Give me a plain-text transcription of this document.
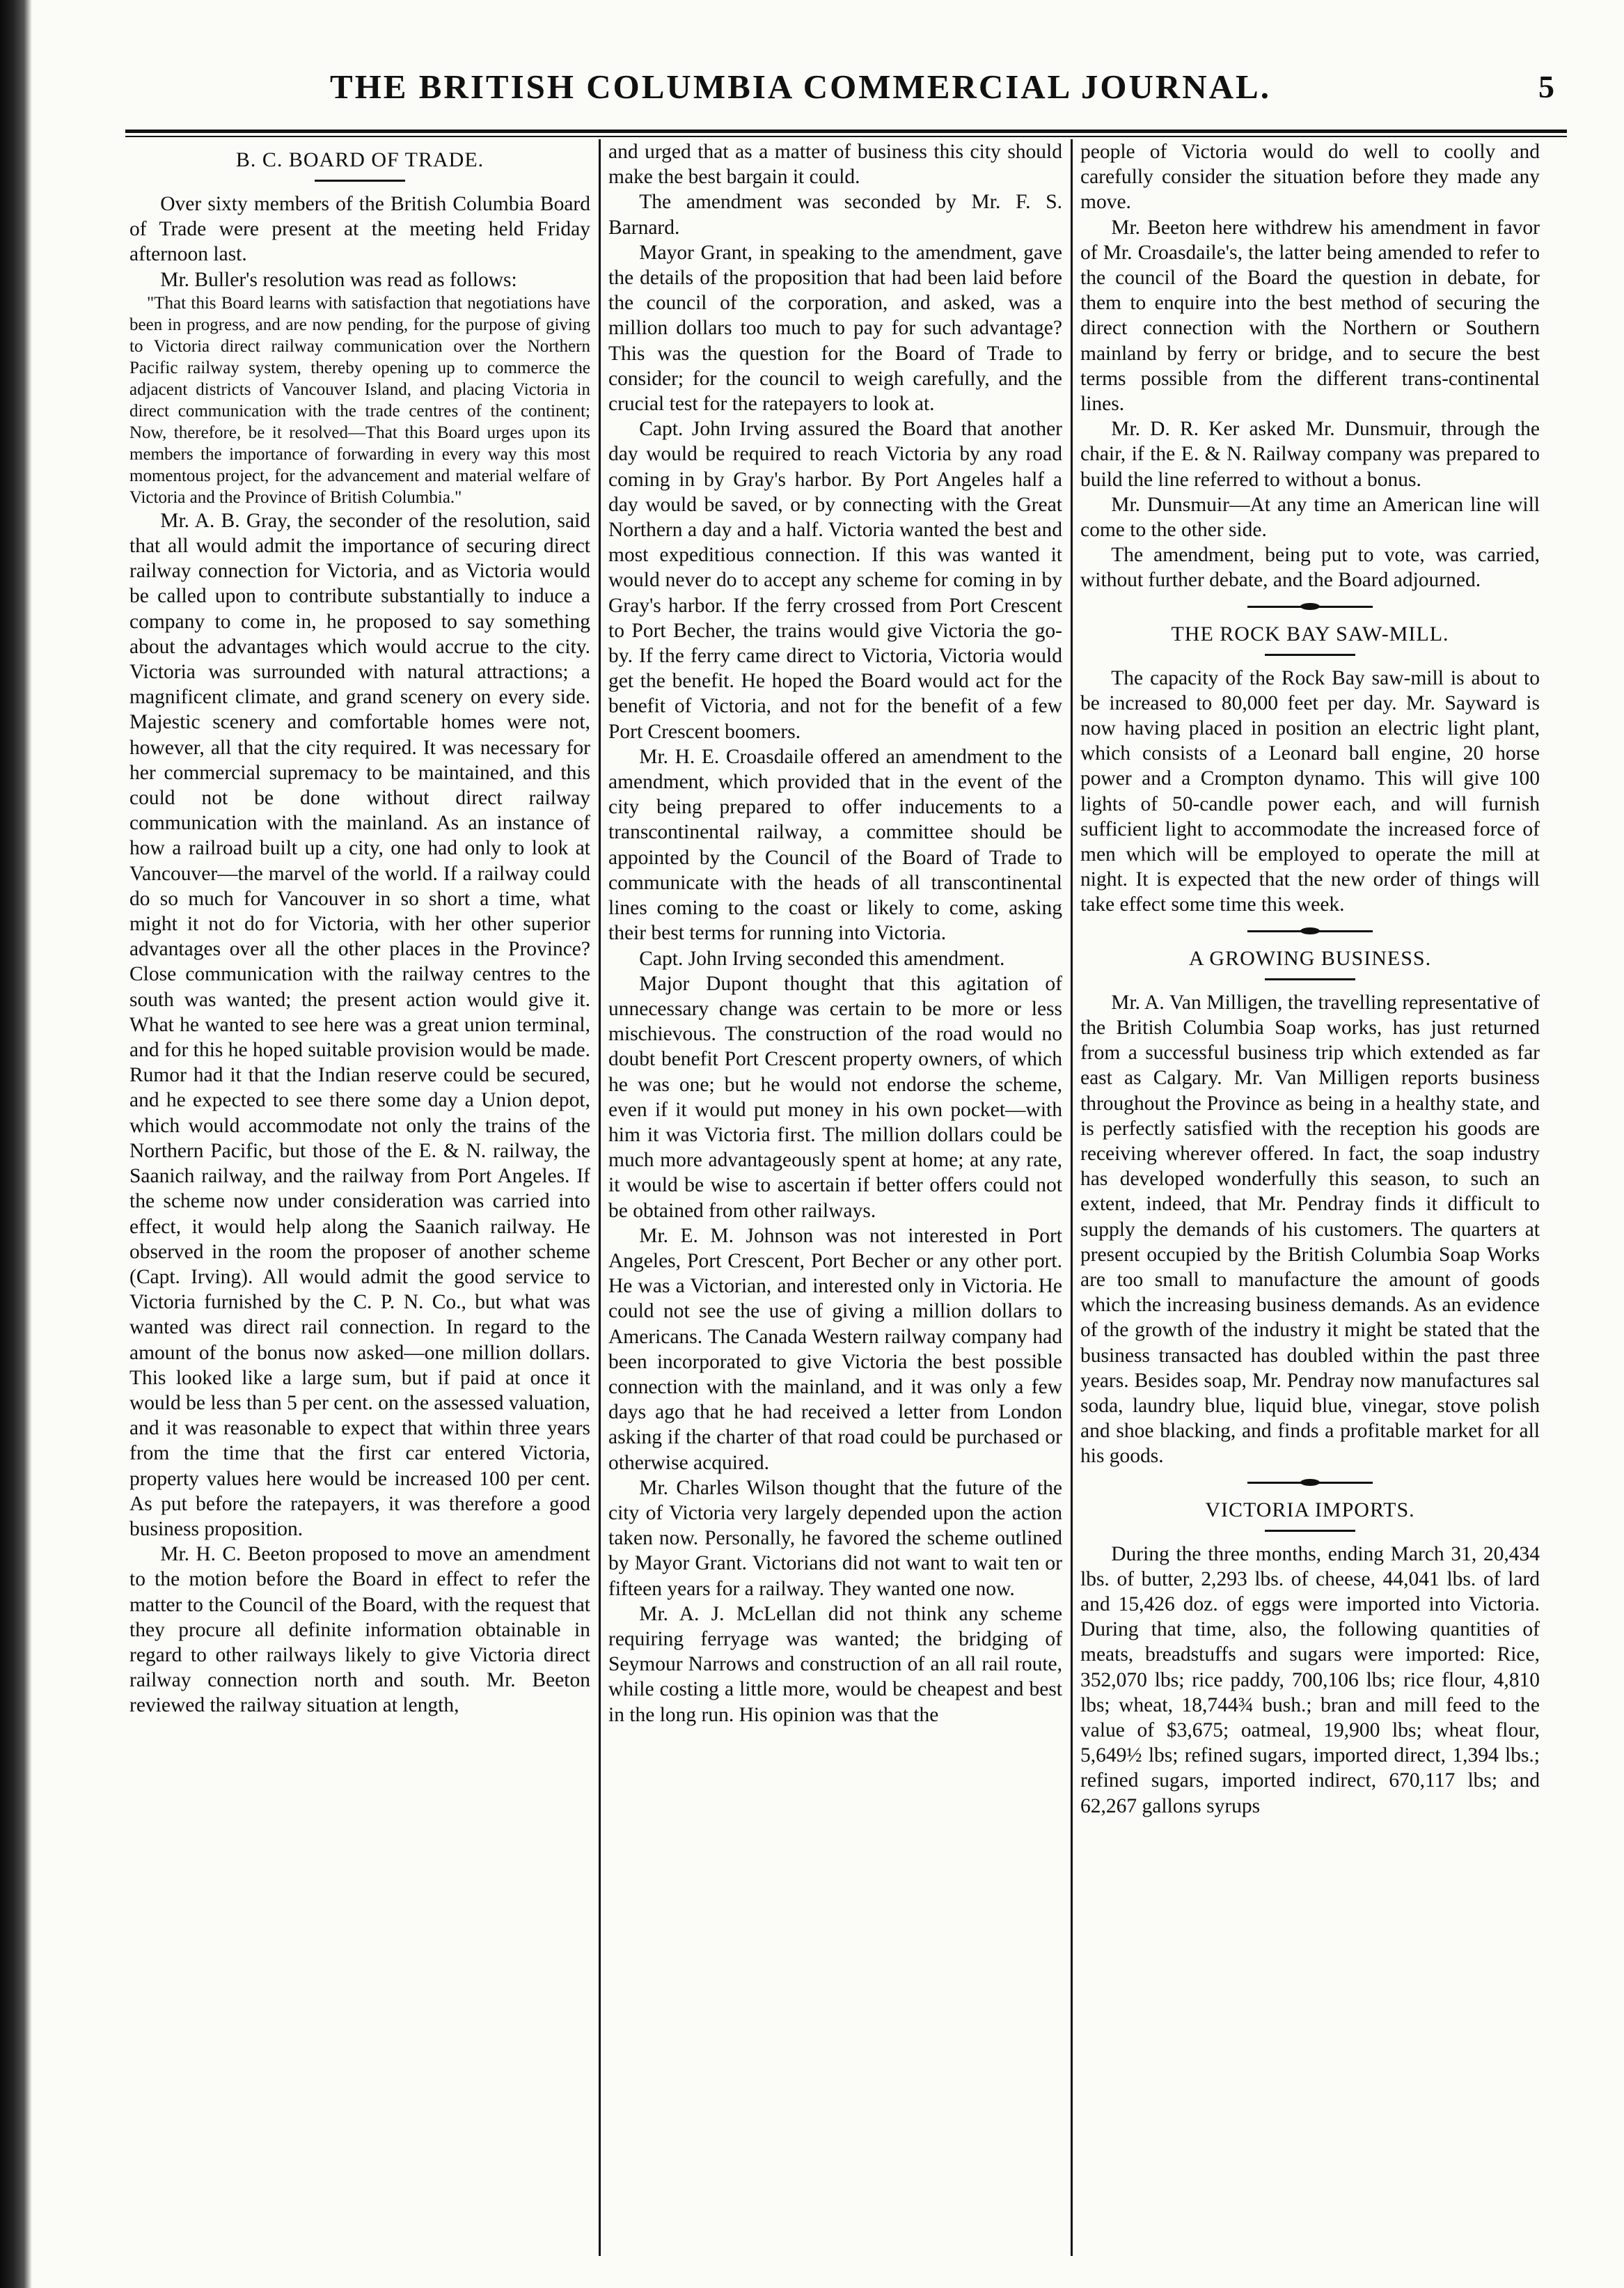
THE BRITISH COLUMBIA COMMERCIAL JOURNAL.	5
B. C. BOARD OF TRADE.

Over sixty members of the British Columbia Board of Trade were present at the meeting held Friday afternoon last.

Mr. Buller's resolution was read as follows:

"That this Board learns with satisfaction that negotiations have been in progress, and are now pending, for the purpose of giving to Victoria direct railway communication over the Northern Pacific railway system, thereby opening up to commerce the adjacent districts of Vancouver Island, and placing Victoria in direct communication with the trade centres of the continent; Now, therefore, be it resolved—That this Board urges upon its members the importance of forwarding in every way this most momentous project, for the advancement and material welfare of Victoria and the Province of British Columbia."

Mr. A. B. Gray, the seconder of the resolution, said that all would admit the importance of securing direct railway connection for Victoria, and as Victoria would be called upon to contribute substantially to induce a company to come in, he proposed to say something about the advantages which would accrue to the city. Victoria was surrounded with natural attractions; a magnificent climate, and grand scenery on every side. Majestic scenery and comfortable homes were not, however, all that the city required. It was necessary for her commercial supremacy to be maintained, and this could not be done without direct railway communication with the mainland. As an instance of how a railroad built up a city, one had only to look at Vancouver—the marvel of the world. If a railway could do so much for Vancouver in so short a time, what might it not do for Victoria, with her other superior advantages over all the other places in the Province? Close communication with the railway centres to the south was wanted; the present action would give it. What he wanted to see here was a great union terminal, and for this he hoped suitable provision would be made. Rumor had it that the Indian reserve could be secured, and he expected to see there some day a Union depot, which would accommodate not only the trains of the Northern Pacific, but those of the E. & N. railway, the Saanich railway, and the railway from Port Angeles. If the scheme now under consideration was carried into effect, it would help along the Saanich railway. He observed in the room the proposer of another scheme (Capt. Irving). All would admit the good service to Victoria furnished by the C. P. N. Co., but what was wanted was direct rail connection. In regard to the amount of the bonus now asked—one million dollars. This looked like a large sum, but if paid at once it would be less than 5 per cent. on the assessed valuation, and it was reasonable to expect that within three years from the time that the first car entered Victoria, property values here would be increased 100 per cent. As put before the ratepayers, it was therefore a good business proposition.

Mr. H. C. Beeton proposed to move an amendment to the motion before the Board in effect to refer the matter to the Council of the Board, with the request that they procure all definite information obtainable in regard to other railways likely to give Victoria direct railway connection north and south. Mr. Beeton reviewed the railway situation at length,

and urged that as a matter of business this city should make the best bargain it could.

The amendment was seconded by Mr. F. S. Barnard.

Mayor Grant, in speaking to the amendment, gave the details of the proposition that had been laid before the council of the corporation, and asked, was a million dollars too much to pay for such advantage? This was the question for the Board of Trade to consider; for the council to weigh carefully, and the crucial test for the ratepayers to look at.

Capt. John Irving assured the Board that another day would be required to reach Victoria by any road coming in by Gray's harbor. By Port Angeles half a day would be saved, or by connecting with the Great Northern a day and a half. Victoria wanted the best and most expeditious connection. If this was wanted it would never do to accept any scheme for coming in by Gray's harbor. If the ferry crossed from Port Crescent to Port Becher, the trains would give Victoria the go-by. If the ferry came direct to Victoria, Victoria would get the benefit. He hoped the Board would act for the benefit of Victoria, and not for the benefit of a few Port Crescent boomers.

Mr. H. E. Croasdaile offered an amendment to the amendment, which provided that in the event of the city being prepared to offer inducements to a transcontinental railway, a committee should be appointed by the Council of the Board of Trade to communicate with the heads of all transcontinental lines coming to the coast or likely to come, asking their best terms for running into Victoria.

Capt. John Irving seconded this amendment.

Major Dupont thought that this agitation of unnecessary change was certain to be more or less mischievous. The construction of the road would no doubt benefit Port Crescent property owners, of which he was one; but he would not endorse the scheme, even if it would put money in his own pocket—with him it was Victoria first. The million dollars could be much more advantageously spent at home; at any rate, it would be wise to ascertain if better offers could not be obtained from other railways.

Mr. E. M. Johnson was not interested in Port Angeles, Port Crescent, Port Becher or any other port. He was a Victorian, and interested only in Victoria. He could not see the use of giving a million dollars to Americans. The Canada Western railway company had been incorporated to give Victoria the best possible connection with the mainland, and it was only a few days ago that he had received a letter from London asking if the charter of that road could be purchased or otherwise acquired.

Mr. Charles Wilson thought that the future of the city of Victoria very largely depended upon the action taken now. Personally, he favored the scheme outlined by Mayor Grant. Victorians did not want to wait ten or fifteen years for a railway. They wanted one now.

Mr. A. J. McLellan did not think any scheme requiring ferryage was wanted; the bridging of Seymour Narrows and construction of an all rail route, while costing a little more, would be cheapest and best in the long run. His opinion was that the

people of Victoria would do well to coolly and carefully consider the situation before they made any move.

Mr. Beeton here withdrew his amendment in favor of Mr. Croasdaile's, the latter being amended to refer to the council of the Board the question in debate, for them to enquire into the best method of securing the direct connection with the Northern or Southern mainland by ferry or bridge, and to secure the best terms possible from the different trans-continental lines.

Mr. D. R. Ker asked Mr. Dunsmuir, through the chair, if the E. & N. Railway company was prepared to build the line referred to without a bonus.

Mr. Dunsmuir—At any time an American line will come to the other side.

The amendment, being put to vote, was carried, without further debate, and the Board adjourned.

THE ROCK BAY SAW-MILL.

The capacity of the Rock Bay saw-mill is about to be increased to 80,000 feet per day. Mr. Sayward is now having placed in position an electric light plant, which consists of a Leonard ball engine, 20 horse power and a Crompton dynamo. This will give 100 lights of 50-candle power each, and will furnish sufficient light to accommodate the increased force of men which will be employed to operate the mill at night. It is expected that the new order of things will take effect some time this week.

A GROWING BUSINESS.

Mr. A. Van Milligen, the travelling representative of the British Columbia Soap works, has just returned from a successful business trip which extended as far east as Calgary. Mr. Van Milligen reports business throughout the Province as being in a healthy state, and is perfectly satisfied with the reception his goods are receiving wherever offered. In fact, the soap industry has developed wonderfully this season, to such an extent, indeed, that Mr. Pendray finds it difficult to supply the demands of his customers. The quarters at present occupied by the British Columbia Soap Works are too small to manufacture the amount of goods which the increasing business demands. As an evidence of the growth of the industry it might be stated that the business transacted has doubled within the past three years. Besides soap, Mr. Pendray now manufactures sal soda, laundry blue, liquid blue, vinegar, stove polish and shoe blacking, and finds a profitable market for all his goods.

VICTORIA IMPORTS.

During the three months, ending March 31, 20,434 lbs. of butter, 2,293 lbs. of cheese, 44,041 lbs. of lard and 15,426 doz. of eggs were imported into Victoria. During that time, also, the following quantities of meats, breadstuffs and sugars were imported: Rice, 352,070 lbs; rice paddy, 700,106 lbs; rice flour, 4,810 lbs; wheat, 18,744¾ bush.; bran and mill feed to the value of $3,675; oatmeal, 19,900 lbs; wheat flour, 5,649½ lbs; refined sugars, imported direct, 1,394 lbs.; refined sugars, imported indirect, 670,117 lbs; and 62,267 gallons syrups
